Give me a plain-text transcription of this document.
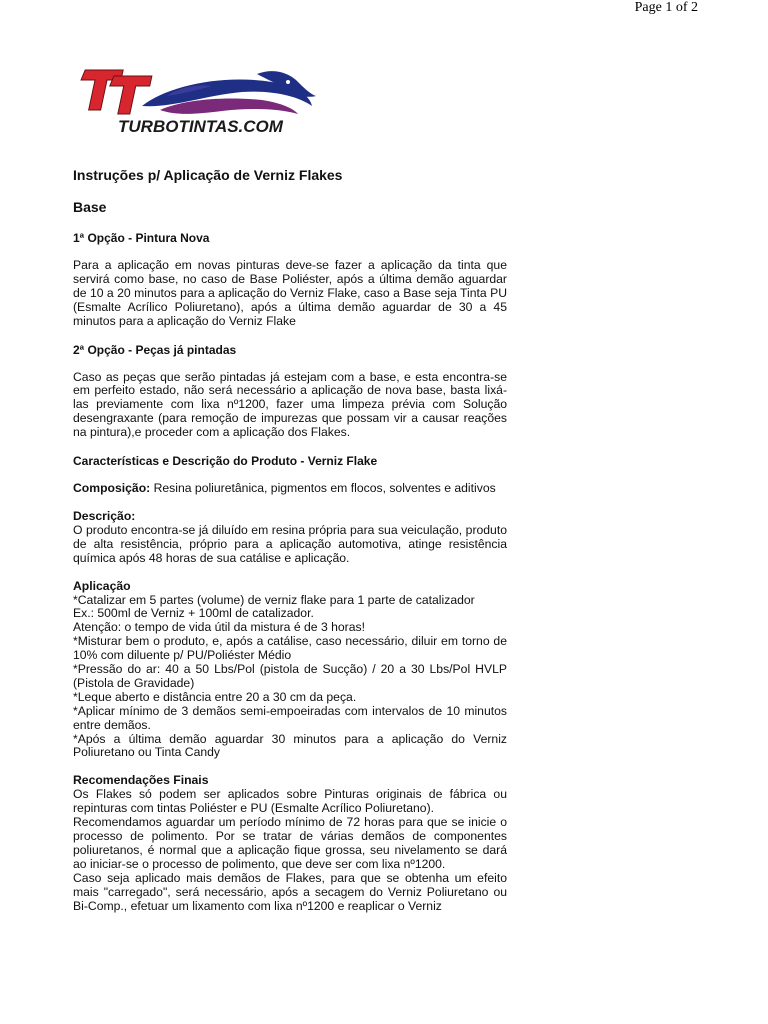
Page 1 of 2
TURBOTINTAS.COM
Instruções p/ Aplicação de Verniz Flakes
Base
1ª Opção - Pintura Nova

Para a aplicação em novas pinturas deve-se fazer a aplicação da tinta que servirá como base, no caso de Base Poliéster, após a última demão aguardar de 10 a 20 minutos para a aplicação do Verniz Flake, caso a Base seja Tinta PU (Esmalte Acrílico Poliuretano), após a última demão aguardar de 30 a 45 minutos para a aplicação do Verniz Flake

2ª Opção - Peças já pintadas

Caso as peças que serão pintadas já estejam com a base, e esta encontra-se em perfeito estado, não será necessário a aplicação de nova base, basta lixá-las previamente com lixa nº1200, fazer uma limpeza prévia com Solução desengraxante (para remoção de impurezas que possam vir a causar reações na pintura),e proceder com a aplicação dos Flakes.

Características e Descrição do Produto - Verniz Flake
Composição: Resina poliuretânica, pigmentos em flocos, solventes e aditivos
Descrição:
O produto encontra-se já diluído em resina própria para sua veiculação, produto de alta resistência, próprio para a aplicação automotiva, atinge resistência química após 48 horas de sua catálise e aplicação.
Aplicação
*Catalizar em 5 partes (volume) de verniz flake para 1 parte de catalizador
Ex.: 500ml de Verniz + 100ml de catalizador.
Atenção: o tempo de vida útil da mistura é de 3 horas!
*Misturar bem o produto, e, após a catálise, caso necessário, diluir em torno de 10% com diluente p/ PU/Poliéster Médio
*Pressão do ar: 40 a 50 Lbs/Pol (pistola de Sucção) / 20 a 30 Lbs/Pol HVLP (Pistola de Gravidade)
*Leque aberto e distância entre 20 a 30 cm da peça.
*Aplicar mínimo de 3 demãos semi-empoeiradas com intervalos de 10 minutos entre demãos.
*Após a última demão aguardar 30 minutos para a aplicação do Verniz Poliuretano ou Tinta Candy
Recomendações Finais
Os Flakes só podem ser aplicados sobre Pinturas originais de fábrica ou repinturas com tintas Poliéster e PU (Esmalte Acrílico Poliuretano).
Recomendamos aguardar um período mínimo de 72 horas para que se inicie o processo de polimento. Por se tratar de várias demãos de componentes poliuretanos, é normal que a aplicação fique grossa, seu nivelamento se dará ao iniciar-se o processo de polimento, que deve ser com lixa nº1200.
Caso seja aplicado mais demãos de Flakes, para que se obtenha um efeito mais "carregado", será necessário, após a secagem do Verniz Poliuretano ou Bi-Comp., efetuar um lixamento com lixa nº1200 e reaplicar o Verniz
